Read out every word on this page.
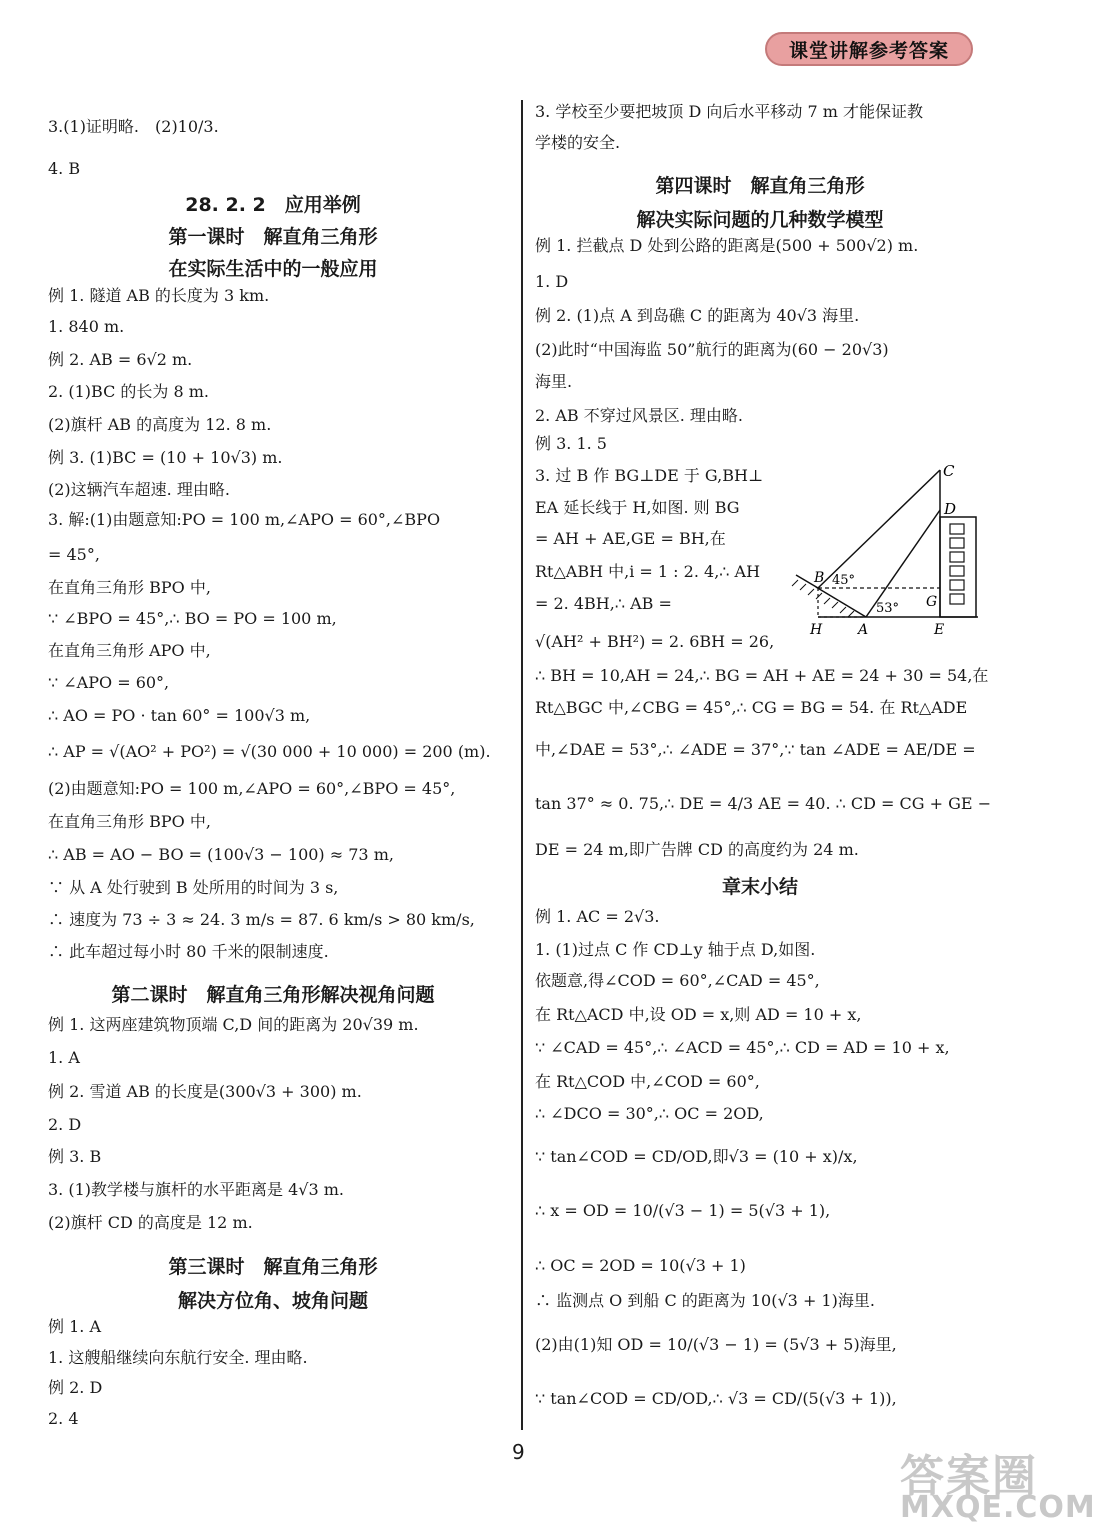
课堂讲解参考答案
3.(1)证明略.　(2)10/3.
4. B
28. 2. 2　应用举例
第一课时　解直角三角形
在实际生活中的一般应用
例 1. 隧道 AB 的长度为 3 km.
1. 840 m.
例 2. AB = 6√2 m.
2. (1)BC 的长为 8 m.
(2)旗杆 AB 的高度为 12. 8 m.
例 3. (1)BC = (10 + 10√3) m.
(2)这辆汽车超速. 理由略.
3. 解:(1)由题意知:PO = 100 m,∠APO = 60°,∠BPO
= 45°,
在直角三角形 BPO 中,
∵ ∠BPO = 45°,∴ BO = PO = 100 m,
在直角三角形 APO 中,
∵ ∠APO = 60°,
∴ AO = PO · tan 60° = 100√3 m,
∴ AP = √(AO² + PO²) = √(30 000 + 10 000) = 200 (m).
(2)由题意知:PO = 100 m,∠APO = 60°,∠BPO = 45°,
在直角三角形 BPO 中,
∴ AB = AO − BO = (100√3 − 100) ≈ 73 m,
∵ 从 A 处行驶到 B 处所用的时间为 3 s,
∴ 速度为 73 ÷ 3 ≈ 24. 3 m/s = 87. 6 km/s > 80 km/s,
∴ 此车超过每小时 80 千米的限制速度.
第二课时　解直角三角形解决视角问题
例 1. 这两座建筑物顶端 C,D 间的距离为 20√39 m.
1. A
例 2. 雪道 AB 的长度是(300√3 + 300) m.
2. D
例 3. B
3. (1)教学楼与旗杆的水平距离是 4√3 m.
(2)旗杆 CD 的高度是 12 m.
第三课时　解直角三角形
解决方位角、坡角问题
例 1. A
1. 这艘船继续向东航行安全. 理由略.
例 2. D
2. 4
3. 学校至少要把坡顶 D 向后水平移动 7 m 才能保证教
学楼的安全.
第四课时　解直角三角形
解决实际问题的几种数学模型
例 1. 拦截点 D 处到公路的距离是(500 + 500√2) m.
1. D
例 2. (1)点 A 到岛礁 C 的距离为 40√3 海里.
(2)此时“中国海监 50”航行的距离为(60 − 20√3)
海里.
2. AB 不穿过风景区. 理由略.
例 3. 1. 5
3. 过 B 作 BG⊥DE 于 G,BH⊥
EA 延长线于 H,如图. 则 BG
= AH + AE,GE = BH,在
Rt△ABH 中,i = 1 : 2. 4,∴ AH
= 2. 4BH,∴ AB =
√(AH² + BH²) = 2. 6BH = 26,
∴ BH = 10,AH = 24,∴ BG = AH + AE = 24 + 30 = 54,在
Rt△BGC 中,∠CBG = 45°,∴ CG = BG = 54. 在 Rt△ADE
中,∠DAE = 53°,∴ ∠ADE = 37°,∵ tan ∠ADE = AE/DE =
tan 37° ≈ 0. 75,∴ DE = 4/3 AE = 40. ∴ CD = CG + GE −
DE = 24 m,即广告牌 CD 的高度约为 24 m.
章末小结
例 1. AC = 2√3.
1. (1)过点 C 作 CD⊥y 轴于点 D,如图.
依题意,得∠COD = 60°,∠CAD = 45°,
在 Rt△ACD 中,设 OD = x,则 AD = 10 + x,
∵ ∠CAD = 45°,∴ ∠ACD = 45°,∴ CD = AD = 10 + x,
在 Rt△COD 中,∠COD = 60°,
∴ ∠DCO = 30°,∴ OC = 2OD,
∵ tan∠COD = CD/OD,即√3 = (10 + x)/x,
∴ x = OD = 10/(√3 − 1) = 5(√3 + 1),
∴ OC = 2OD = 10(√3 + 1)
∴ 监测点 O 到船 C 的距离为 10(√3 + 1)海里.
(2)由(1)知 OD = 10/(√3 − 1) = (5√3 + 5)海里,
∵ tan∠COD = CD/OD,∴ √3 = CD/(5(√3 + 1)),
C
D
B 45°
53° G
H	A	E
9	答案圈
MXQE.COM
